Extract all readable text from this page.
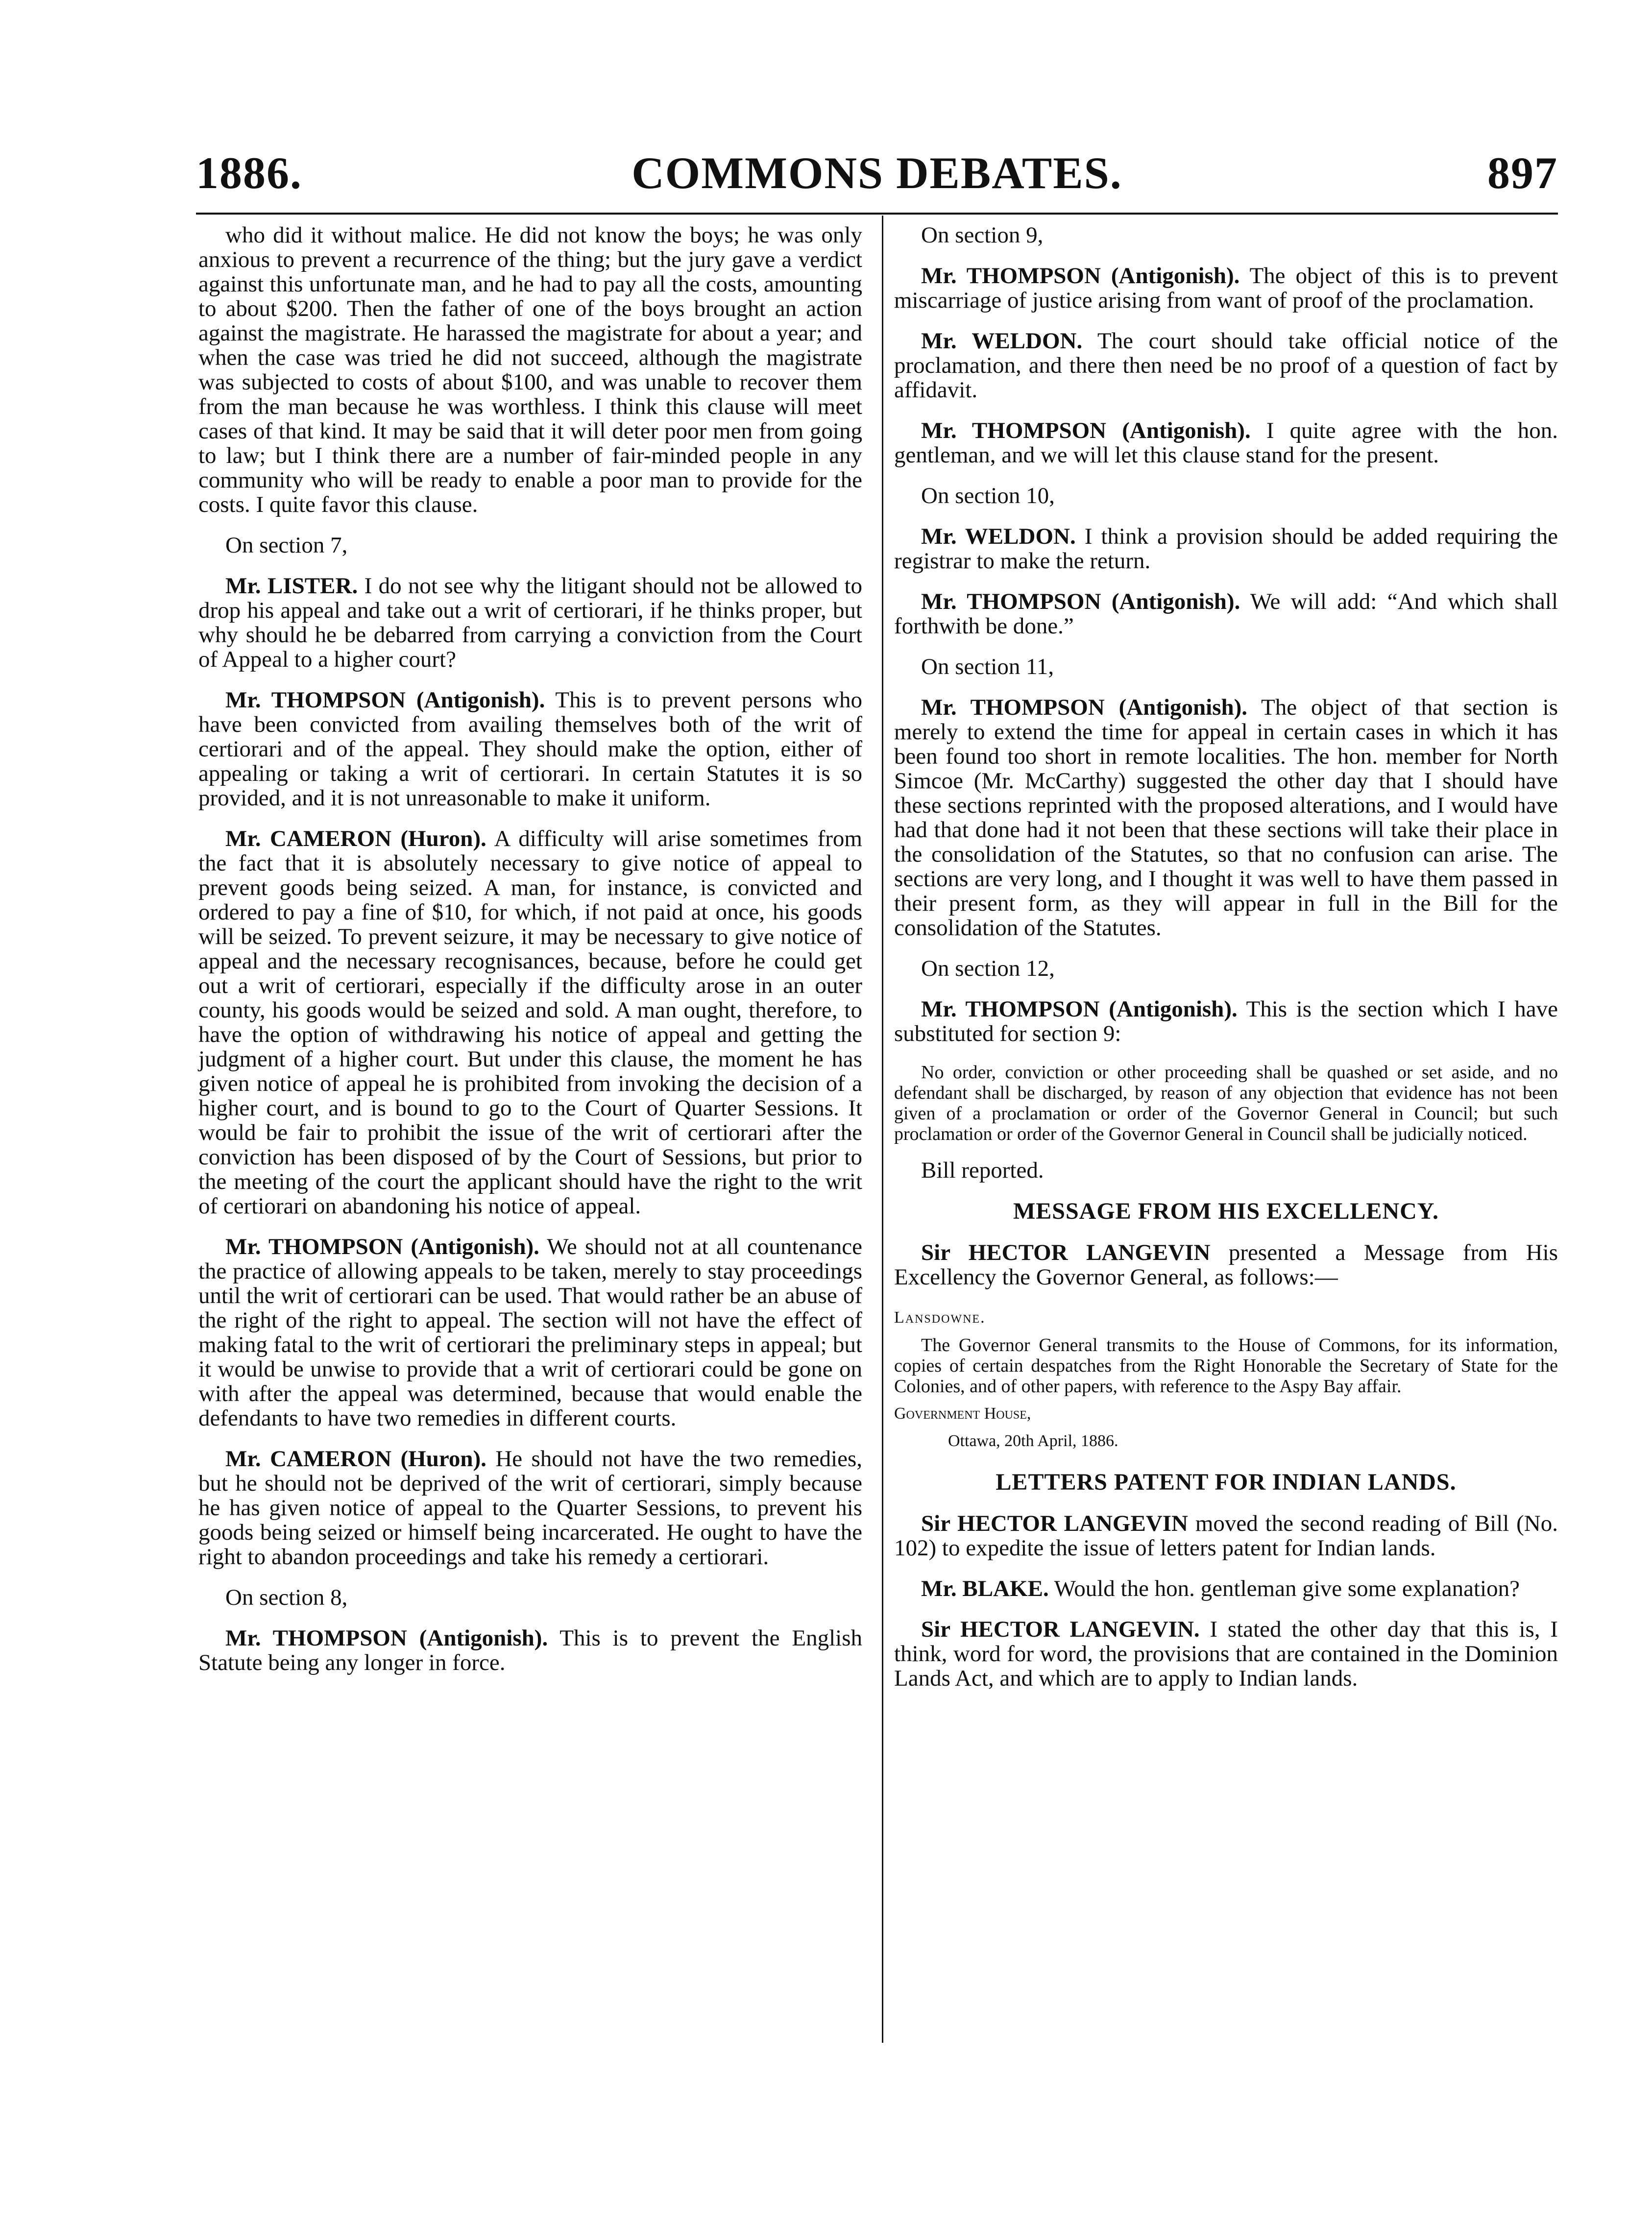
1886.	COMMONS DEBATES.	897

who did it without malice. He did not know the boys; he was only anxious to prevent a recurrence of the thing; but the jury gave a verdict against this unfortunate man, and he had to pay all the costs, amounting to about $200. Then the father of one of the boys brought an action against the magistrate. He harassed the magistrate for about a year; and when the case was tried he did not succeed, although the magistrate was subjected to costs of about $100, and was unable to recover them from the man because he was worthless. I think this clause will meet cases of that kind. It may be said that it will deter poor men from going to law; but I think there are a number of fair-minded people in any community who will be ready to enable a poor man to provide for the costs. I quite favor this clause.

On section 7,

Mr. LISTER. I do not see why the litigant should not be allowed to drop his appeal and take out a writ of certiorari, if he thinks proper, but why should he be debarred from carrying a conviction from the Court of Appeal to a higher court?

Mr. THOMPSON (Antigonish). This is to prevent persons who have been convicted from availing themselves both of the writ of certiorari and of the appeal. They should make the option, either of appealing or taking a writ of certiorari. In certain Statutes it is so provided, and it is not unreasonable to make it uniform.

Mr. CAMERON (Huron). A difficulty will arise sometimes from the fact that it is absolutely necessary to give notice of appeal to prevent goods being seized. A man, for instance, is convicted and ordered to pay a fine of $10, for which, if not paid at once, his goods will be seized. To prevent seizure, it may be necessary to give notice of appeal and the necessary recognisances, because, before he could get out a writ of certiorari, especially if the difficulty arose in an outer county, his goods would be seized and sold. A man ought, therefore, to have the option of withdrawing his notice of appeal and getting the judgment of a higher court. But under this clause, the moment he has given notice of appeal he is prohibited from invoking the decision of a higher court, and is bound to go to the Court of Quarter Sessions. It would be fair to prohibit the issue of the writ of certiorari after the conviction has been disposed of by the Court of Sessions, but prior to the meeting of the court the applicant should have the right to the writ of certiorari on abandoning his notice of appeal.

Mr. THOMPSON (Antigonish). We should not at all countenance the practice of allowing appeals to be taken, merely to stay proceedings until the writ of certiorari can be used. That would rather be an abuse of the right of the right to appeal. The section will not have the effect of making fatal to the writ of certiorari the preliminary steps in appeal; but it would be unwise to provide that a writ of certiorari could be gone on with after the appeal was determined, because that would enable the defendants to have two remedies in different courts.

Mr. CAMERON (Huron). He should not have the two remedies, but he should not be deprived of the writ of certiorari, simply because he has given notice of appeal to the Quarter Sessions, to prevent his goods being seized or himself being incarcerated. He ought to have the right to abandon proceedings and take his remedy a certiorari.

On section 8,

Mr. THOMPSON (Antigonish). This is to prevent the English Statute being any longer in force.

On section 9,

Mr. THOMPSON (Antigonish). The object of this is to prevent miscarriage of justice arising from want of proof of the proclamation.

Mr. WELDON. The court should take official notice of the proclamation, and there then need be no proof of a question of fact by affidavit.

Mr. THOMPSON (Antigonish). I quite agree with the hon. gentleman, and we will let this clause stand for the present.

On section 10,

Mr. WELDON. I think a provision should be added requiring the registrar to make the return.

Mr. THOMPSON (Antigonish). We will add: “And which shall forthwith be done.”

On section 11,

Mr. THOMPSON (Antigonish). The object of that section is merely to extend the time for appeal in certain cases in which it has been found too short in remote localities. The hon. member for North Simcoe (Mr. McCarthy) suggested the other day that I should have these sections reprinted with the proposed alterations, and I would have had that done had it not been that these sections will take their place in the consolidation of the Statutes, so that no confusion can arise. The sections are very long, and I thought it was well to have them passed in their present form, as they will appear in full in the Bill for the consolidation of the Statutes.

On section 12,

Mr. THOMPSON (Antigonish). This is the section which I have substituted for section 9:

No order, conviction or other proceeding shall be quashed or set aside, and no defendant shall be discharged, by reason of any objection that evidence has not been given of a proclamation or order of the Governor General in Council; but such proclamation or order of the Governor General in Council shall be judicially noticed.

Bill reported.

MESSAGE FROM HIS EXCELLENCY.

Sir HECTOR LANGEVIN presented a Message from His Excellency the Governor General, as follows:—

Lansdowne.

The Governor General transmits to the House of Commons, for its information, copies of certain despatches from the Right Honorable the Secretary of State for the Colonies, and of other papers, with reference to the Aspy Bay affair.

Government House,

Ottawa, 20th April, 1886.

LETTERS PATENT FOR INDIAN LANDS.

Sir HECTOR LANGEVIN moved the second reading of Bill (No. 102) to expedite the issue of letters patent for Indian lands.

Mr. BLAKE. Would the hon. gentleman give some explanation?

Sir HECTOR LANGEVIN. I stated the other day that this is, I think, word for word, the provisions that are contained in the Dominion Lands Act, and which are to apply to Indian lands.
